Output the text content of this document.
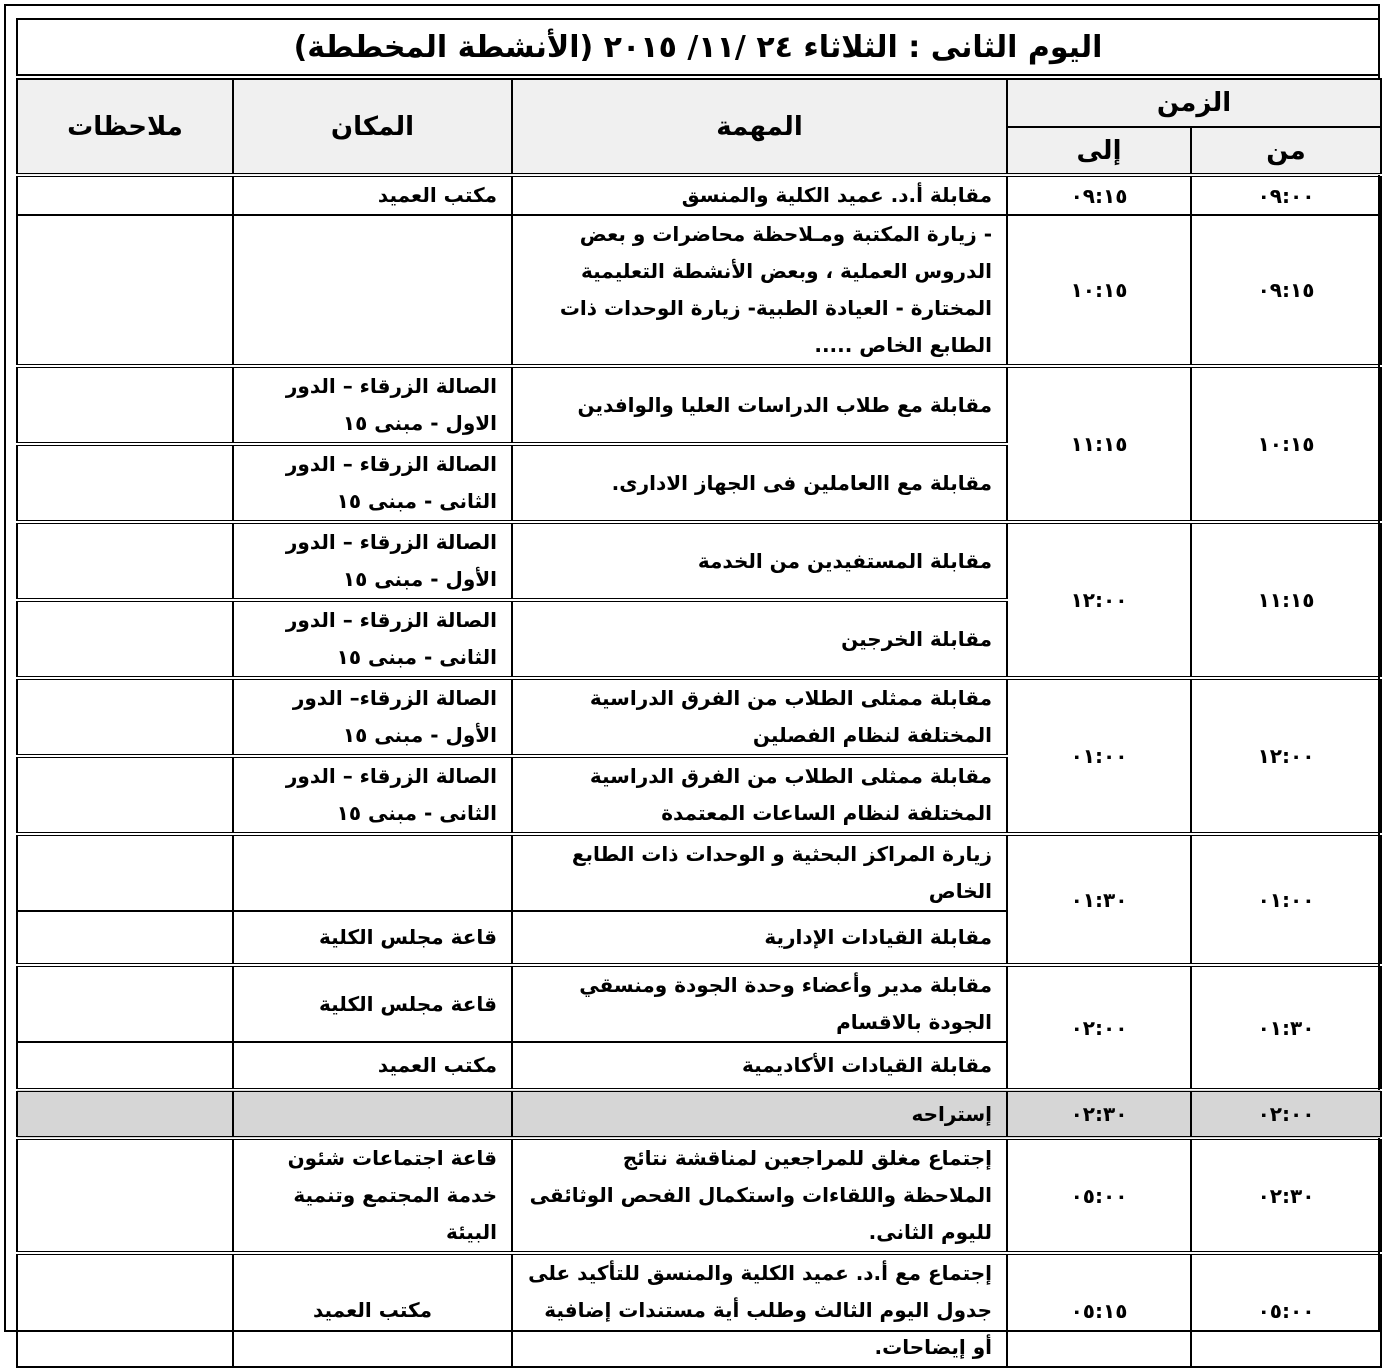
اليوم الثانى : الثلاثاء ٢٤ /١١/ ٢٠١٥ (الأنشطة المخططة)
الزمن		المهمة	المكان	ملاحظات
من	إلى			
٠٩:٠٠	٠٩:١٥	مقابلة أ.د. عميد الكلية والمنسق	مكتب العميد	
٠٩:١٥	١٠:١٥	- زيارة المكتبة ومـلاحظة محاضرات و بعض الدروس العملية ، وبعض الأنشطة التعليمية المختارة - العيادة الطبية- زيارة الوحدات ذات الطابع الخاص .....		
١٠:١٥	١١:١٥	مقابلة مع طلاب الدراسات العليا والوافدين	الصالة الزرقاء – الدور الاول - مبنى ١٥	
		مقابلة مع االعاملين فى الجهاز الادارى.	الصالة الزرقاء – الدور الثانى - مبنى ١٥	
١١:١٥	١٢:٠٠	مقابلة المستفيدين من الخدمة	الصالة الزرقاء – الدور الأول - مبنى ١٥	
		مقابلة الخرجين	الصالة الزرقاء – الدور الثانى - مبنى ١٥	
١٢:٠٠	٠١:٠٠	مقابلة ممثلى الطلاب من الفرق الدراسية المختلفة لنظام الفصلين	الصالة الزرقاء– الدور الأول - مبنى ١٥	
		مقابلة ممثلى الطلاب من الفرق الدراسية المختلفة لنظام الساعات المعتمدة	الصالة الزرقاء – الدور الثانى - مبنى ١٥	
٠١:٠٠	٠١:٣٠	زيارة المراكز البحثية و الوحدات ذات الطابع الخاص		
		مقابلة القيادات الإدارية	قاعة مجلس الكلية	
٠١:٣٠	٠٢:٠٠	مقابلة مدير وأعضاء وحدة الجودة ومنسقي الجودة بالاقسام	قاعة مجلس الكلية	
		مقابلة القيادات الأكاديمية	مكتب العميد	
٠٢:٠٠	٠٢:٣٠	إستراحه		
٠٢:٣٠	٠٥:٠٠	إجتماع مغلق للمراجعين لمناقشة نتائج الملاحظة واللقاءات واستكمال الفحص الوثائقى لليوم الثانى.	قاعة اجتماعات شئون خدمة المجتمع وتنمية البيئة	
٠٥:٠٠	٠٥:١٥	إجتماع مع أ.د. عميد الكلية والمنسق للتأكيد على جدول اليوم الثالث وطلب أية مستندات إضافية أو إيضاحات.	مكتب العميد	
